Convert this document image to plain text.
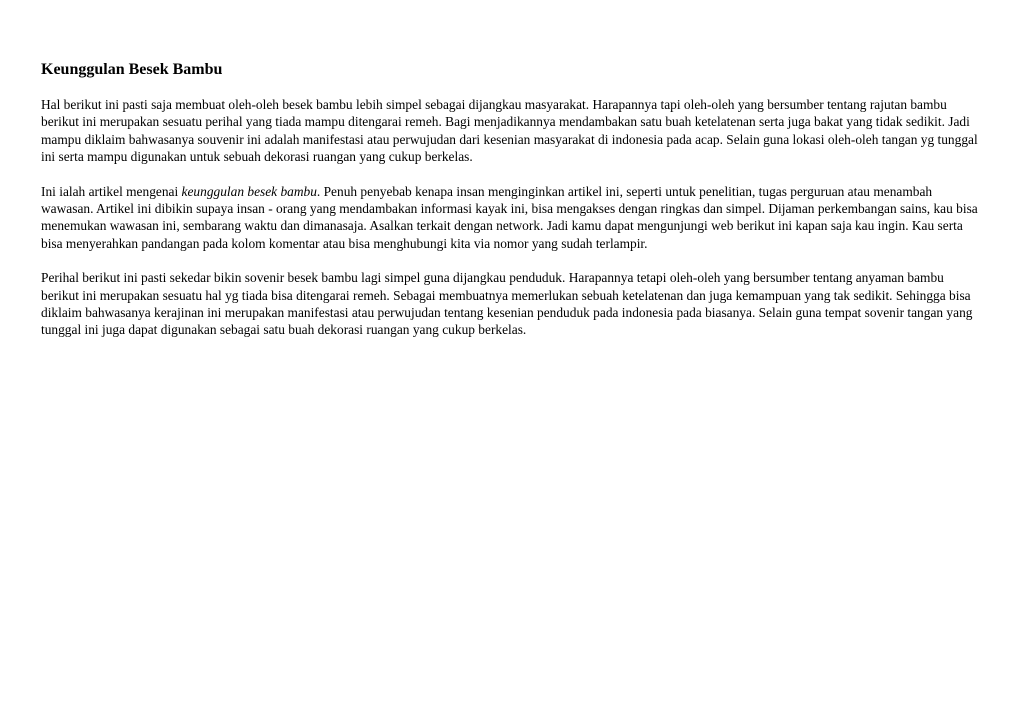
Keunggulan Besek Bambu

Hal berikut ini pasti saja membuat oleh-oleh besek bambu lebih simpel sebagai dijangkau masyarakat. Harapannya tapi oleh-oleh yang bersumber tentang rajutan bambu berikut ini merupakan sesuatu perihal yang tiada mampu ditengarai remeh. Bagi menjadikannya mendambakan satu buah ketelatenan serta juga bakat yang tidak sedikit. Jadi mampu diklaim bahwasanya souvenir ini adalah manifestasi atau perwujudan dari kesenian masyarakat di indonesia pada acap. Selain guna lokasi oleh-oleh tangan yg tunggal ini serta mampu digunakan untuk sebuah dekorasi ruangan yang cukup berkelas.

Ini ialah artikel mengenai keunggulan besek bambu. Penuh penyebab kenapa insan menginginkan artikel ini, seperti untuk penelitian, tugas perguruan atau menambah wawasan. Artikel ini dibikin supaya insan - orang yang mendambakan informasi kayak ini, bisa mengakses dengan ringkas dan simpel. Dijaman perkembangan sains, kau bisa menemukan wawasan ini, sembarang waktu dan dimanasaja. Asalkan terkait dengan network. Jadi kamu dapat mengunjungi web berikut ini kapan saja kau ingin. Kau serta bisa menyerahkan pandangan pada kolom komentar atau bisa menghubungi kita via nomor yang sudah terlampir.

Perihal berikut ini pasti sekedar bikin sovenir besek bambu lagi simpel guna dijangkau penduduk. Harapannya tetapi oleh-oleh yang bersumber tentang anyaman bambu berikut ini merupakan sesuatu hal yg tiada bisa ditengarai remeh. Sebagai membuatnya memerlukan sebuah ketelatenan dan juga kemampuan yang tak sedikit. Sehingga bisa diklaim bahwasanya kerajinan ini merupakan manifestasi atau perwujudan tentang kesenian penduduk pada indonesia pada biasanya. Selain guna tempat sovenir tangan yang tunggal ini juga dapat digunakan sebagai satu buah dekorasi ruangan yang cukup berkelas.
